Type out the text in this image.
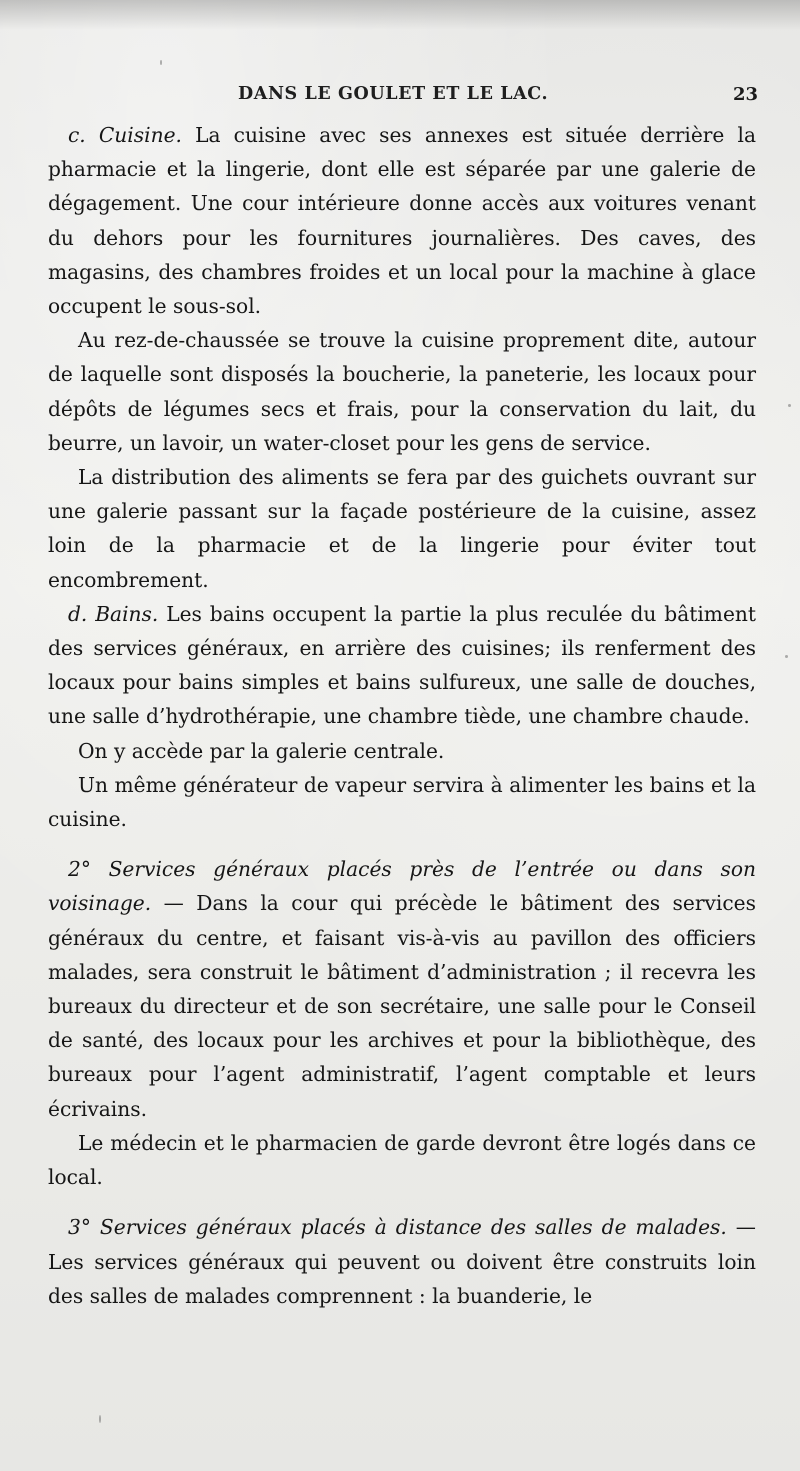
DANS LE GOULET ET LE LAC.	23

c. Cuisine. La cuisine avec ses annexes est située derrière la pharmacie et la lingerie, dont elle est séparée par une galerie de dégagement. Une cour intérieure donne accès aux voitures venant du dehors pour les fournitures journalières. Des caves, des magasins, des chambres froides et un local pour la machine à glace occupent le sous-sol.

Au rez-de-chaussée se trouve la cuisine proprement dite, autour de laquelle sont disposés la boucherie, la paneterie, les locaux pour dépôts de légumes secs et frais, pour la conservation du lait, du beurre, un lavoir, un water-closet pour les gens de service.

La distribution des aliments se fera par des guichets ouvrant sur une galerie passant sur la façade postérieure de la cuisine, assez loin de la pharmacie et de la lingerie pour éviter tout encombrement.

d. Bains. Les bains occupent la partie la plus reculée du bâtiment des services généraux, en arrière des cuisines; ils renferment des locaux pour bains simples et bains sulfureux, une salle de douches, une salle d’hydrothérapie, une chambre tiède, une chambre chaude.

On y accède par la galerie centrale.

Un même générateur de vapeur servira à alimenter les bains et la cuisine.

2° Services généraux placés près de l’entrée ou dans son voisinage. — Dans la cour qui précède le bâtiment des services généraux du centre, et faisant vis-à-vis au pavillon des officiers malades, sera construit le bâtiment d’administration ; il recevra les bureaux du directeur et de son secrétaire, une salle pour le Conseil de santé, des locaux pour les archives et pour la bibliothèque, des bureaux pour l’agent administratif, l’agent comptable et leurs écrivains.

Le médecin et le pharmacien de garde devront être logés dans ce local.

3° Services généraux placés à distance des salles de malades. — Les services généraux qui peuvent ou doivent être construits loin des salles de malades comprennent : la buanderie, le
